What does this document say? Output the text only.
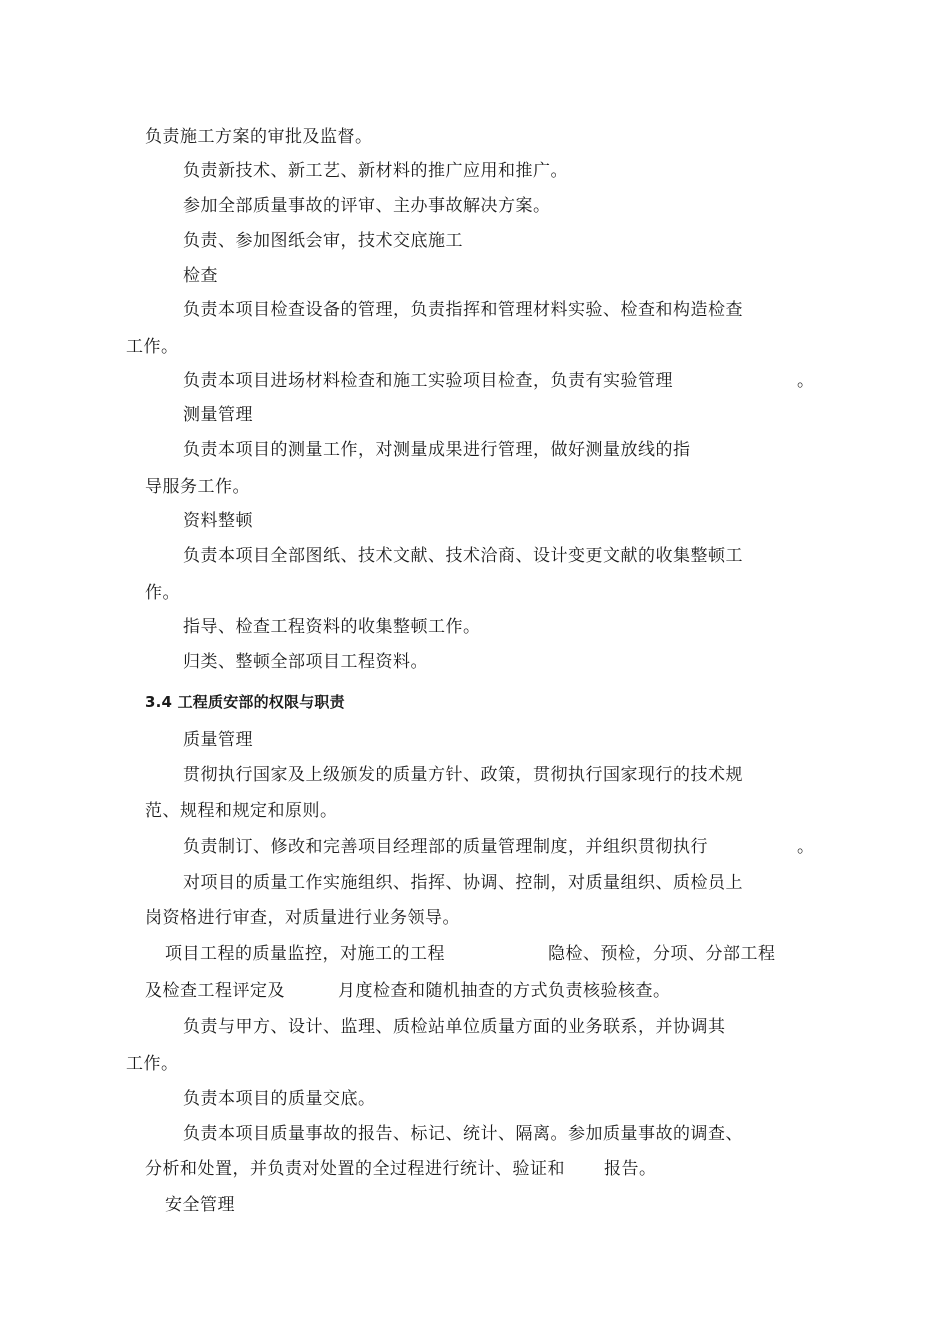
负责施工方案的审批及监督。
负责新技术、新工艺、新材料的推广应用和推广。
参加全部质量事故的评审、主办事故解决方案。
负责、参加图纸会审，技术交底施工
检查
负责本项目检查设备的管理，负责指挥和管理材料实验、检查和构造检查
工作。
负责本项目进场材料检查和施工实验项目检查，负责有实验管理	。
测量管理
负责本项目的测量工作，对测量成果进行管理，做好测量放线的指
导服务工作。
资料整顿
负责本项目全部图纸、技术文献、技术洽商、设计变更文献的收集整顿工
作。
指导、检查工程资料的收集整顿工作。
归类、整顿全部项目工程资料。
3.4 工程质安部的权限与职责
质量管理
贯彻执行国家及上级颁发的质量方针、政策，贯彻执行国家现行的技术规
范、规程和规定和原则。
负责制订、修改和完善项目经理部的质量管理制度，并组织贯彻执行	。
对项目的质量工作实施组织、指挥、协调、控制，对质量组织、质检员上
岗资格进行审查，对质量进行业务领导。
项目工程的质量监控，对施工的工程	隐检、预检，分项、分部工程
及检查工程评定及	月度检查和随机抽查的方式负责核验核查。
负责与甲方、设计、监理、质检站单位质量方面的业务联系，并协调其
工作。
负责本项目的质量交底。
负责本项目质量事故的报告、标记、统计、隔离。参加质量事故的调查、
分析和处置，并负责对处置的全过程进行统计、验证和 报告。
安全管理
